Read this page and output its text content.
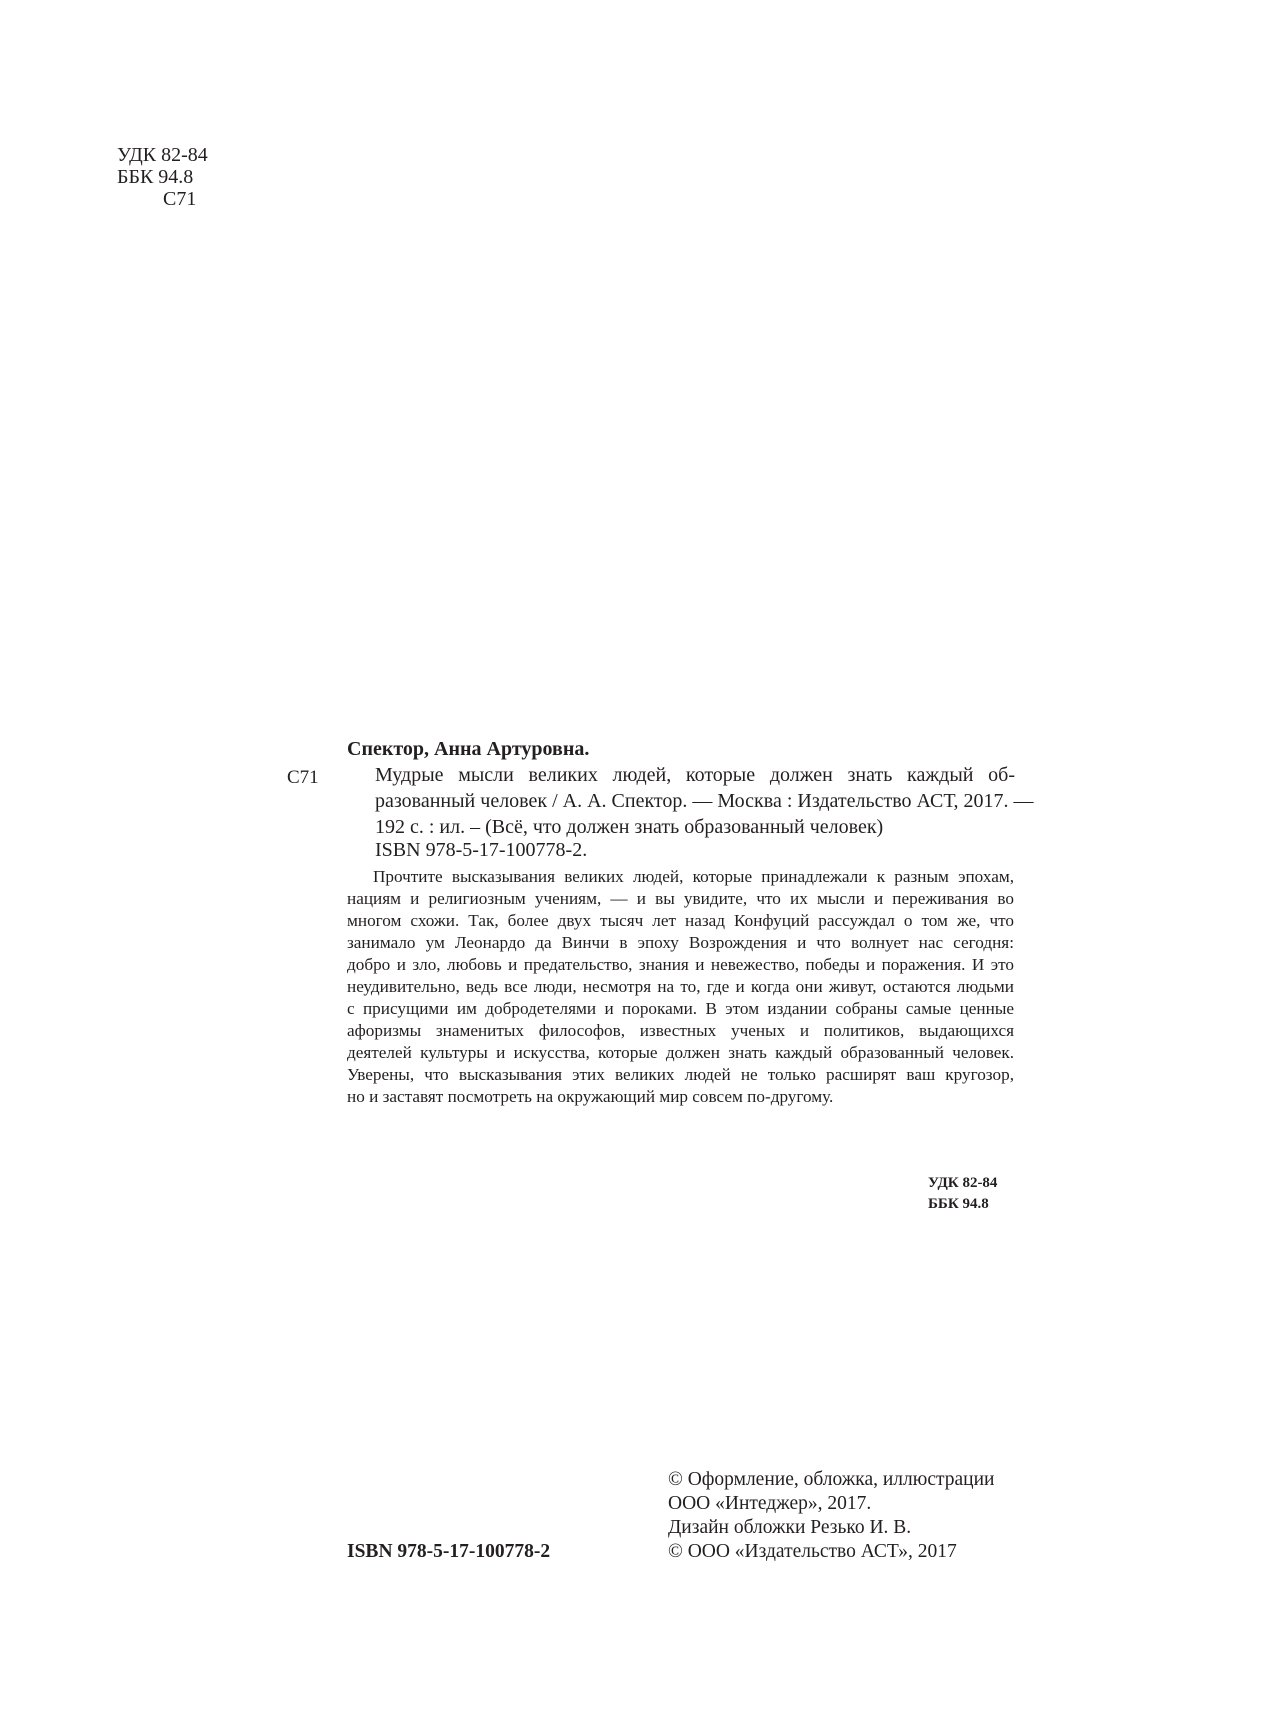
УДК 82-84
ББК 94.8
С71
Спектор, Анна Артуровна.
С71	Мудрые мысли великих людей, которые должен знать каждый об-
разованный человек / А. А. Спектор. — Москва : Издательство АСТ, 2017. —
192 с. : ил. – (Всё, что должен знать образованный человек)
ISBN 978-5-17-100778-2.
Прочтите высказывания великих людей, которые принадлежали к разным эпохам,
нациям и религиозным учениям, — и вы увидите, что их мысли и переживания во
многом схожи. Так, более двух тысяч лет назад Конфуций рассуждал о том же, что
занимало ум Леонардо да Винчи в эпоху Возрождения и что волнует нас сегодня:
добро и зло, любовь и предательство, знания и невежество, победы и поражения. И это
неудивительно, ведь все люди, несмотря на то, где и когда они живут, остаются людьми
с присущими им добродетелями и пороками. В этом издании собраны самые ценные
афоризмы знаменитых философов, известных ученых и политиков, выдающихся
деятелей культуры и искусства, которые должен знать каждый образованный человек.
Уверены, что высказывания этих великих людей не только расширят ваш кругозор,
но и заставят посмотреть на окружающий мир совсем по-другому.
УДК 82-84
ББК 94.8
© Оформление, обложка, иллюстрации
ООО «Интеджер», 2017.
Дизайн обложки Резько И. В.
© ООО «Издательство АСТ», 2017
ISBN 978-5-17-100778-2
